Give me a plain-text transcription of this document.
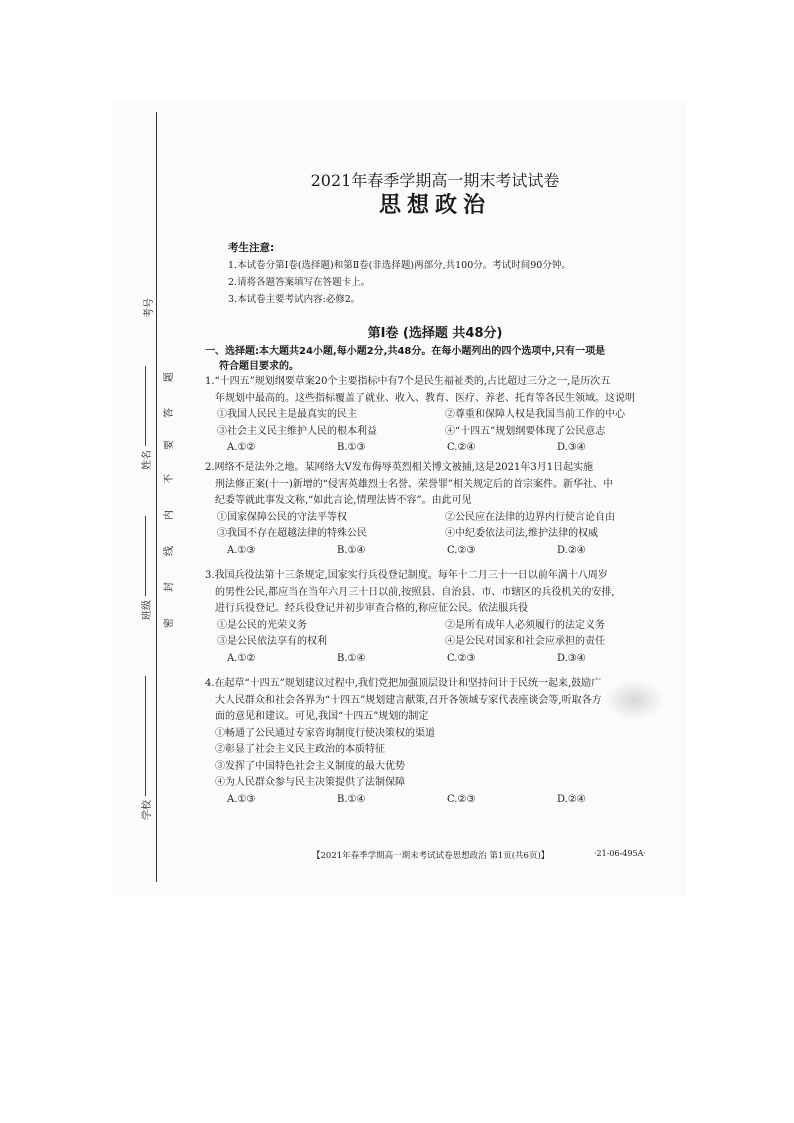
考号
姓名
班级
学校
题
答
要
不
内
线
封
密
2021年春季学期高一期末考试试卷
思想政治
考生注意:
1.本试卷分第Ⅰ卷(选择题)和第Ⅱ卷(非选择题)两部分,共100分。考试时间90分钟。
2.请将各题答案填写在答题卡上。
3.本试卷主要考试内容:必修2。
第Ⅰ卷 (选择题 共48分)
一、选择题:本大题共24小题,每小题2分,共48分。在每小题列出的四个选项中,只有一项是
符合题目要求的。
1.“十四五”规划纲要草案20个主要指标中有7个是民生福祉类的,占比超过三分之一,是历次五
年规划中最高的。这些指标覆盖了就业、收入、教育、医疗、养老、托育等各民生领域。这说明
①我国人民民主是最真实的民主	②尊重和保障人权是我国当前工作的中心
③社会主义民主维护人民的根本利益	④“十四五”规划纲要体现了公民意志
A.①②	B.①③	C.②④	D.③④
2.网络不是法外之地。某网络大V发布侮辱英烈相关博文被捕,这是2021年3月1日起实施
刑法修正案(十一)新增的“侵害英雄烈士名誉、荣誉罪”相关规定后的首宗案件。新华社、中
纪委等就此事发文称,“如此言论,情理法皆不容”。由此可见
①国家保障公民的守法平等权	②公民应在法律的边界内行使言论自由
③我国不存在超越法律的特殊公民	④中纪委依法司法,维护法律的权威
A.①③	B.①④	C.②③	D.②④
3.我国兵役法第十三条规定,国家实行兵役登记制度。每年十二月三十一日以前年满十八周岁
的男性公民,都应当在当年六月三十日以前,按照县、自治县、市、市辖区的兵役机关的安排,
进行兵役登记。经兵役登记并初步审查合格的,称应征公民。依法服兵役
①是公民的光荣义务	②是所有成年人必须履行的法定义务
③是公民依法享有的权利	④是公民对国家和社会应承担的责任
A.①②	B.①④	C.②③	D.③④
4.在起草“十四五”规划建议过程中,我们党把加强顶层设计和坚持问计于民统一起来,鼓励广
大人民群众和社会各界为“十四五”规划建言献策,召开各领域专家代表座谈会等,听取各方
面的意见和建议。可见,我国“十四五”规划的制定
①畅通了公民通过专家咨询制度行使决策权的渠道
②彰显了社会主义民主政治的本质特征
③发挥了中国特色社会主义制度的最大优势
④为人民群众参与民主决策提供了法制保障
A.①③	B.①④	C.②③	D.②④
【2021年春季学期高一期末考试试卷思想政治 第1页(共6页)】	·21-06-495A·
